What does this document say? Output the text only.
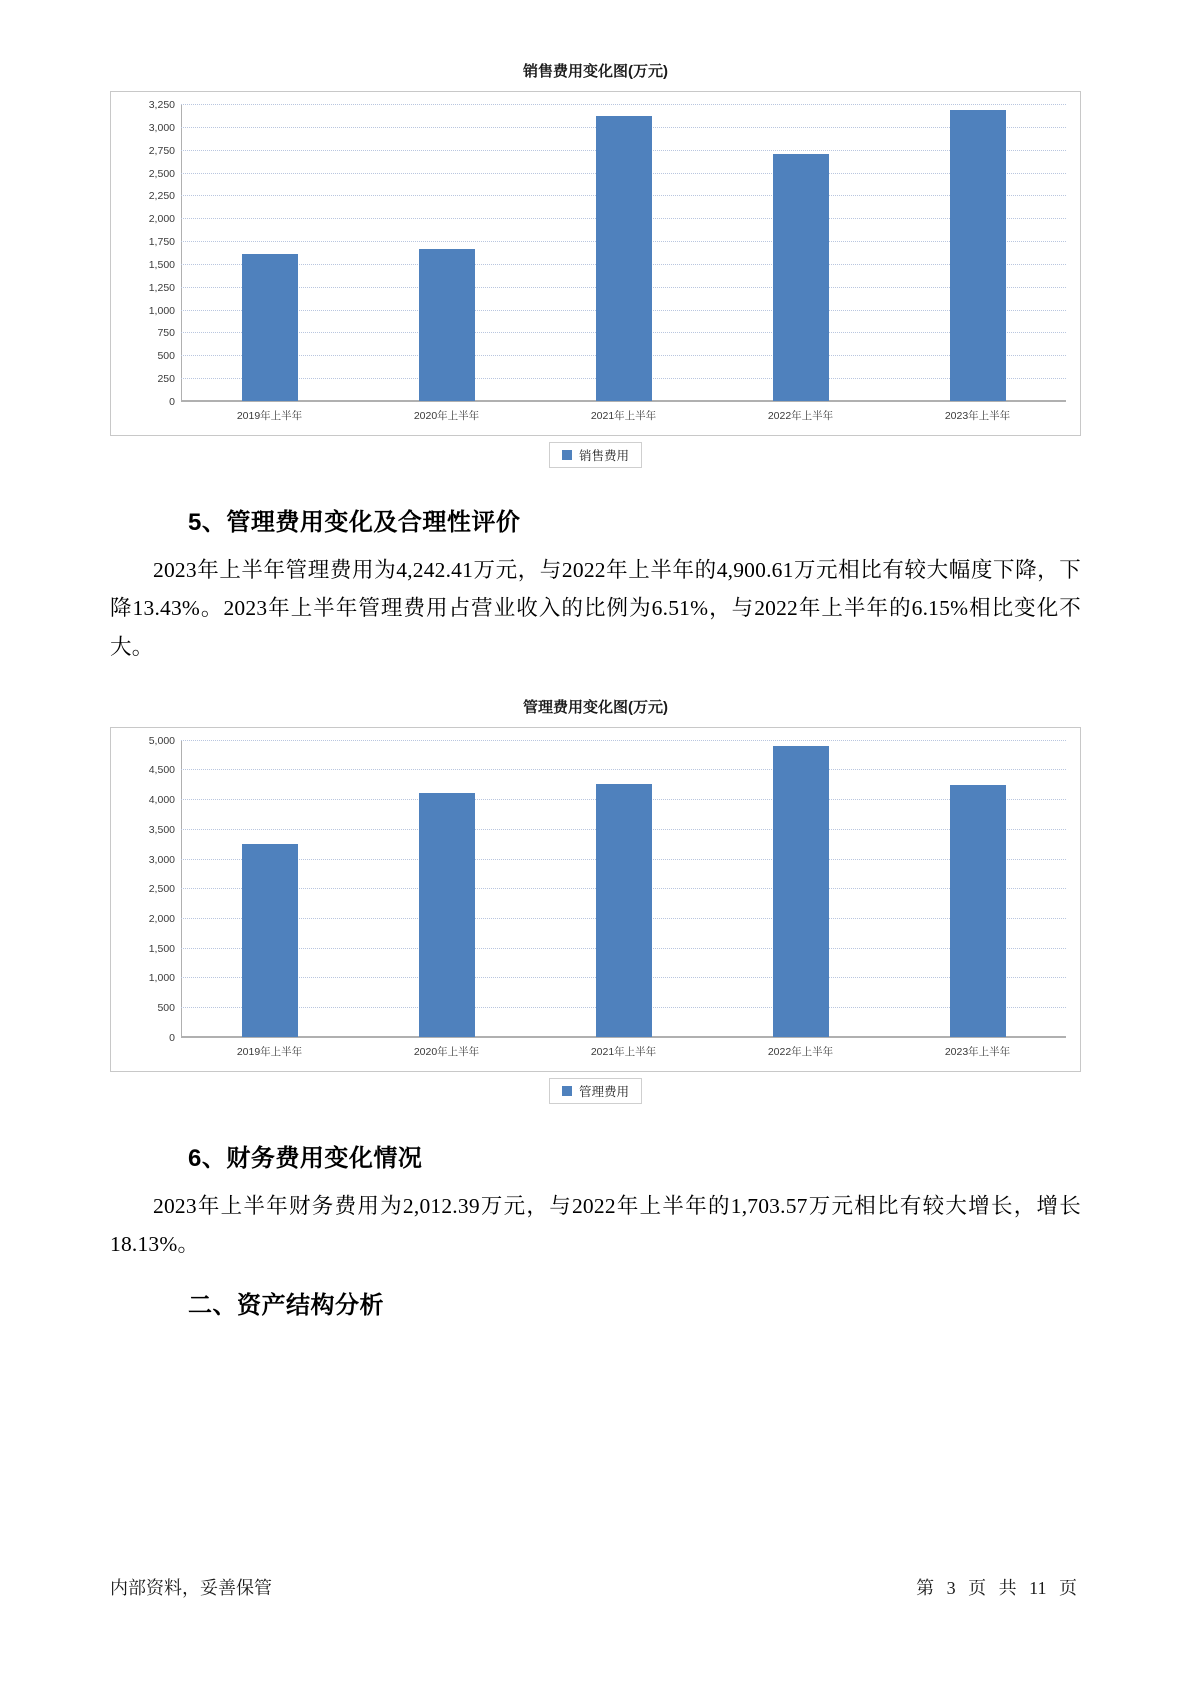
销售费用变化图(万元)
0
250
500
750
1,000
1,250
1,500
1,750
2,000
2,250
2,500
2,750
3,000
3,250
2019年上半年	2020年上半年	2021年上半年	2022年上半年	2023年上半年
销售费用
5、管理费用变化及合理性评价

2023年上半年管理费用为4,242.41万元，与2022年上半年的4,900.61万元相比有较大幅度下降，下降13.43%。2023年上半年管理费用占营业收入的比例为6.51%，与2022年上半年的6.15%相比变化不大。

管理费用变化图(万元)
0
500
1,000
1,500
2,000
2,500
3,000
3,500
4,000
4,500
5,000
2019年上半年	2020年上半年	2021年上半年	2022年上半年	2023年上半年
管理费用
6、财务费用变化情况

2023年上半年财务费用为2,012.39万元，与2022年上半年的1,703.57万元相比有较大增长，增长18.13%。

二、资产结构分析
内部资料，妥善保管	第 3 页 共 11 页
